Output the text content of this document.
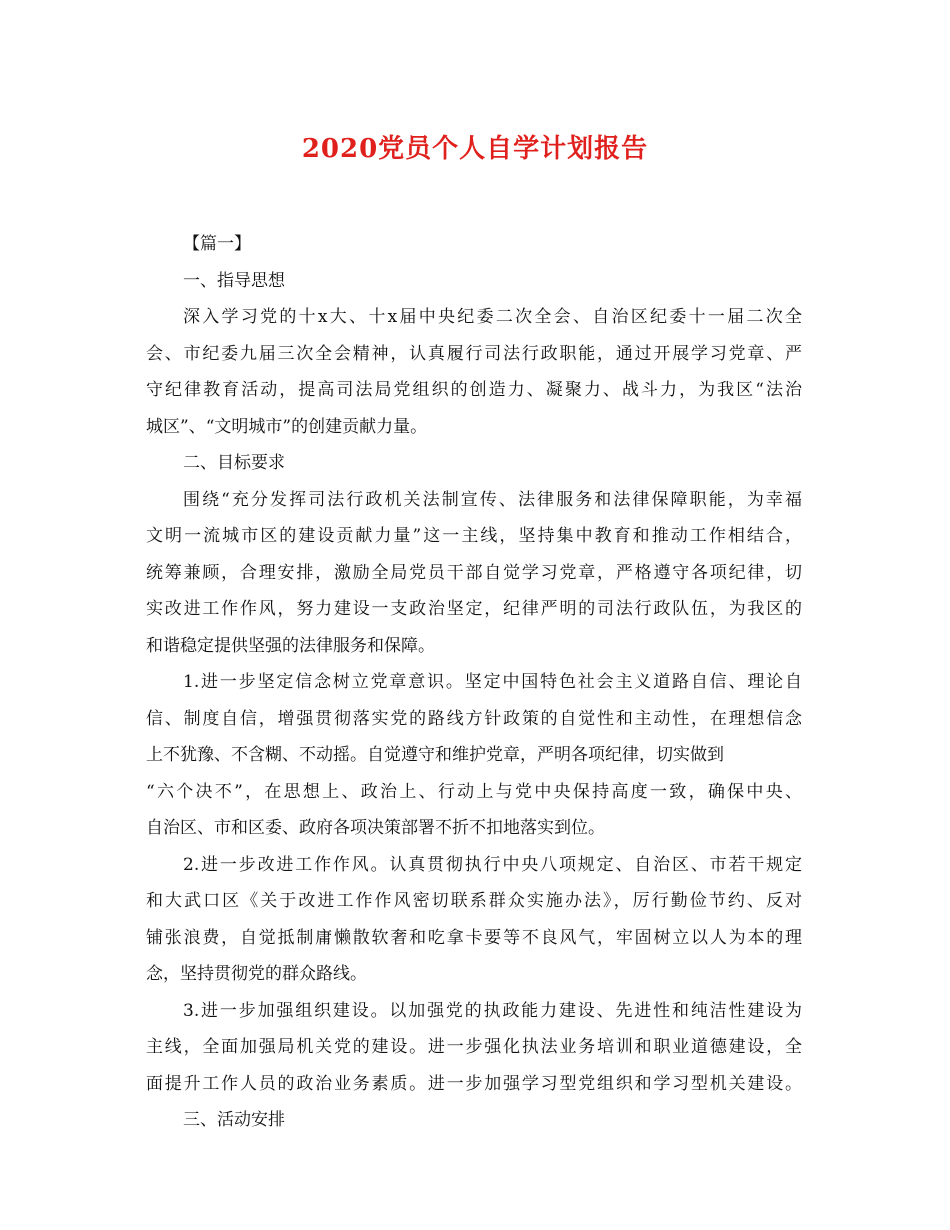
2020党员个人自学计划报告
【篇一】
一、指导思想
深入学习党的十x大、十x届中央纪委二次全会、自治区纪委十一届二次全
会、市纪委九届三次全会精神，认真履行司法行政职能，通过开展学习党章、严
守纪律教育活动，提高司法局党组织的创造力、凝聚力、战斗力，为我区“法治
城区”、“文明城市”的创建贡献力量。
二、目标要求
围绕“充分发挥司法行政机关法制宣传、法律服务和法律保障职能，为幸福
文明一流城市区的建设贡献力量”这一主线，坚持集中教育和推动工作相结合，
统筹兼顾，合理安排，激励全局党员干部自觉学习党章，严格遵守各项纪律，切
实改进工作作风，努力建设一支政治坚定，纪律严明的司法行政队伍，为我区的
和谐稳定提供坚强的法律服务和保障。
1.进一步坚定信念树立党章意识。坚定中国特色社会主义道路自信、理论自
信、制度自信，增强贯彻落实党的路线方针政策的自觉性和主动性，在理想信念
上不犹豫、不含糊、不动摇。自觉遵守和维护党章，严明各项纪律，切实做到
“六个决不”，在思想上、政治上、行动上与党中央保持高度一致，确保中央、
自治区、市和区委、政府各项决策部署不折不扣地落实到位。
2.进一步改进工作作风。认真贯彻执行中央八项规定、自治区、市若干规定
和大武口区《关于改进工作作风密切联系群众实施办法》，厉行勤俭节约、反对
铺张浪费，自觉抵制庸懒散软奢和吃拿卡要等不良风气，牢固树立以人为本的理
念，坚持贯彻党的群众路线。
3.进一步加强组织建设。以加强党的执政能力建设、先进性和纯洁性建设为
主线，全面加强局机关党的建设。进一步强化执法业务培训和职业道德建设，全
面提升工作人员的政治业务素质。进一步加强学习型党组织和学习型机关建设。
三、活动安排
